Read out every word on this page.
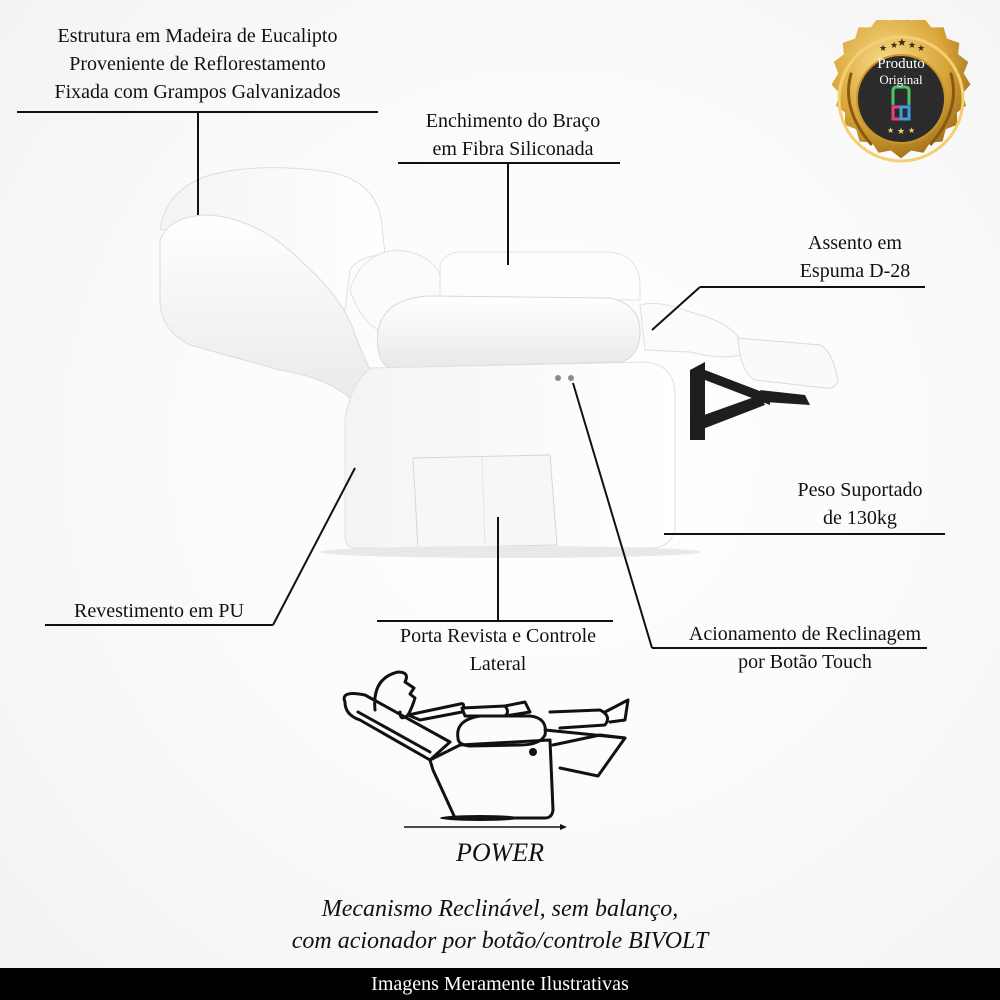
Estrutura em Madeira de Eucalipto
Proveniente de Reflorestamento
Fixada com Grampos Galvanizados
Enchimento do Braço
em Fibra Siliconada
Assento em
Espuma D-28
Peso Suportado
de 130kg
Revestimento em PU
Porta Revista e Controle
Lateral
Acionamento de Reclinagem
por Botão Touch
★ ★
★ ★ ★
★ ★ ★
Produto
Original
POWER
Mecanismo Reclinável, sem balanço,
com acionador por botão/controle BIVOLT
Imagens Meramente Ilustrativas
